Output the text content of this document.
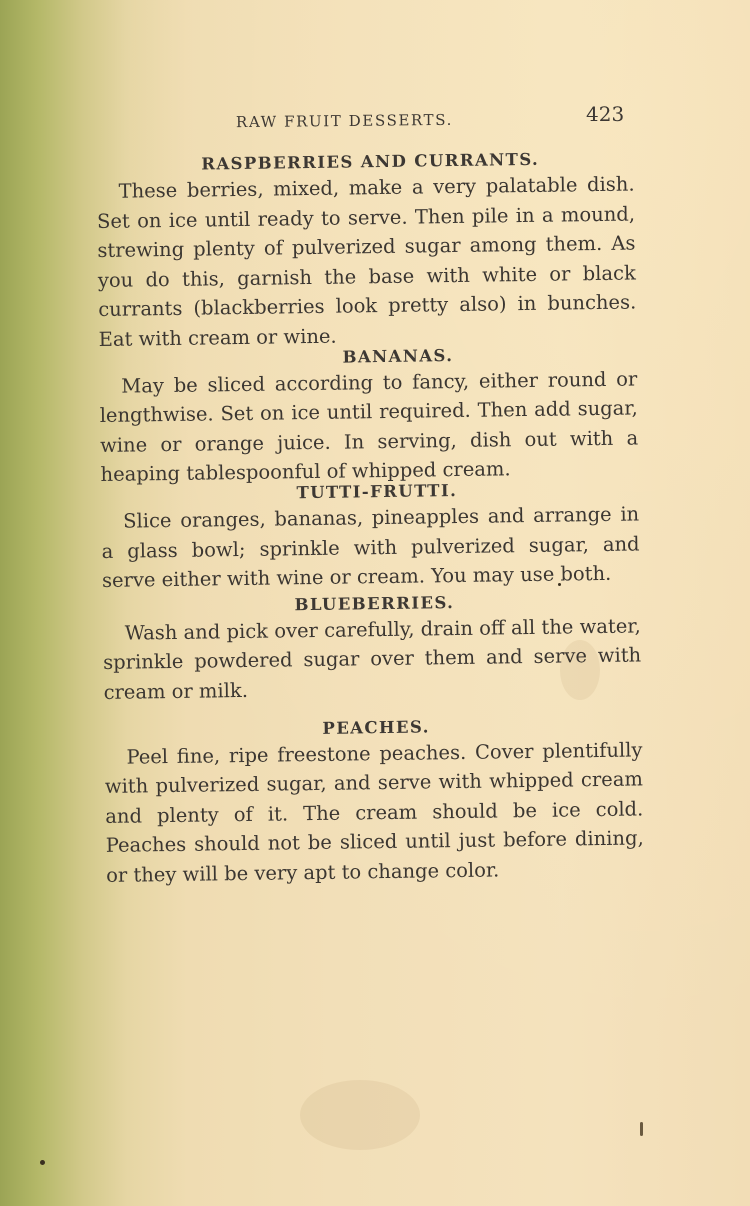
RAW FRUIT DESSERTS.	423
RASPBERRIES AND CURRANTS.

These berries, mixed, make a very palatable dish. Set on ice until ready to serve. Then pile in a mound, strewing plenty of pulverized sugar among them. As you do this, garnish the base with white or black currants (blackberries look pretty also) in bunches. Eat with cream or wine.

BANANAS.

May be sliced according to fancy, either round or lengthwise. Set on ice until required. Then add sugar, wine or orange juice. In serving, dish out with a heaping tablespoonful of whipped cream.

TUTTI-FRUTTI.

Slice oranges, bananas, pineapples and arrange in a glass bowl; sprinkle with pulverized sugar, and serve either with wine or cream. You may use both.

BLUEBERRIES.

Wash and pick over carefully, drain off all the water, sprinkle powdered sugar over them and serve with cream or milk.

PEACHES.

Peel fine, ripe freestone peaches. Cover plentifully with pulverized sugar, and serve with whipped cream and plenty of it. The cream should be ice cold. Peaches should not be sliced until just before dining, or they will be very apt to change color.
